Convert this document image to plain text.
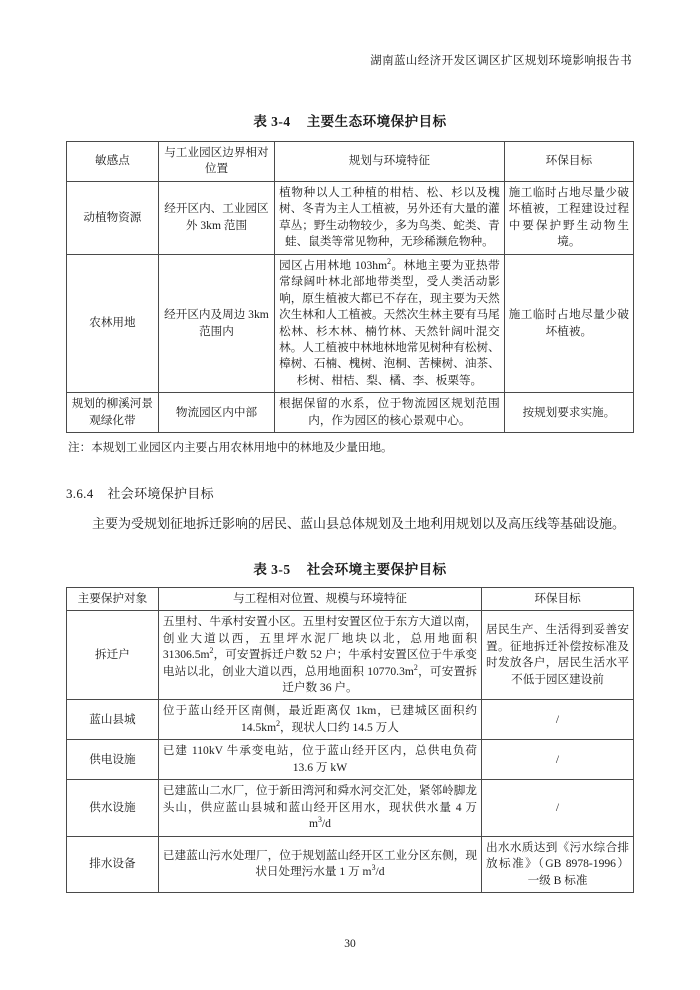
湖南蓝山经济开发区调区扩区规划环境影响报告书

表 3-4 主要生态环境保护目标

敏感点	与工业园区边界相对位置	规划与环境特征	环保目标
动植物资源	经开区内、工业园区外 3km 范围	植物种以人工种植的柑桔、松、杉以及槐树、冬青为主人工植被，另外还有大量的灌草丛；野生动物较少，多为鸟类、蛇类、青蛙、鼠类等常见物种，无珍稀濒危物种。	施工临时占地尽量少破坏植被，工程建设过程中要保护野生动物生境。
农林用地	经开区内及周边 3km 范围内	园区占用林地 $103hm^2$。林地主要为亚热带常绿阔叶林北部地带类型，受人类活动影响，原生植被大都已不存在，现主要为天然次生林和人工植被。天然次生林主要有马尾松林、杉木林、楠竹林、天然针阔叶混交林。人工植被中林地林地常见树种有松树、樟树、石楠、槐树、泡桐、苦楝树、油茶、杉树、柑桔、梨、橘、李、板栗等。	施工临时占地尽量少破坏植被。
规划的柳溪河景观绿化带	物流园区内中部	根据保留的水系，位于物流园区规划范围内，作为园区的核心景观中心。	按规划要求实施。

注：本规划工业园区内主要占用农林用地中的林地及少量田地。

3.6.4 社会环境保护目标

主要为受规划征地拆迁影响的居民、蓝山县总体规划及土地利用规划以及高压线等基础设施。

表 3-5 社会环境主要保护目标

主要保护对象	与工程相对位置、规模与环境特征	环保目标
拆迁户	五里村、牛承村安置小区。五里村安置区位于东方大道以南，创业大道以西，五里坪水泥厂地块以北，总用地面积 $31306.5m^2$，可安置拆迁户数 52 户；牛承村安置区位于牛承变电站以北，创业大道以西，总用地面积 $10770.3m^2$，可安置拆迁户数 36 户。	居民生产、生活得到妥善安置。征地拆迁补偿按标准及时发放各户，居民生活水平不低于园区建设前
蓝山县城	位于蓝山经开区南侧，最近距离仅 1km，已建城区面积约 $14.5km^2$，现状人口约 14.5 万人	/
供电设施	已建 110kV 牛承变电站，位于蓝山经开区内，总供电负荷 13.6 万 kW	/
供水设施	已建蓝山二水厂，位于新田湾河和舜水河交汇处，紧邻岭脚龙头山，供应蓝山县城和蓝山经开区用水，现状供水量 4 万 $m^3/d$	/
排水设备	已建蓝山污水处理厂，位于规划蓝山经开区工业分区东侧，现状日处理污水量 1 万 $m^3/d$	出水水质达到《污水综合排放标准》（GB 8978-1996）一级 B 标准
30
